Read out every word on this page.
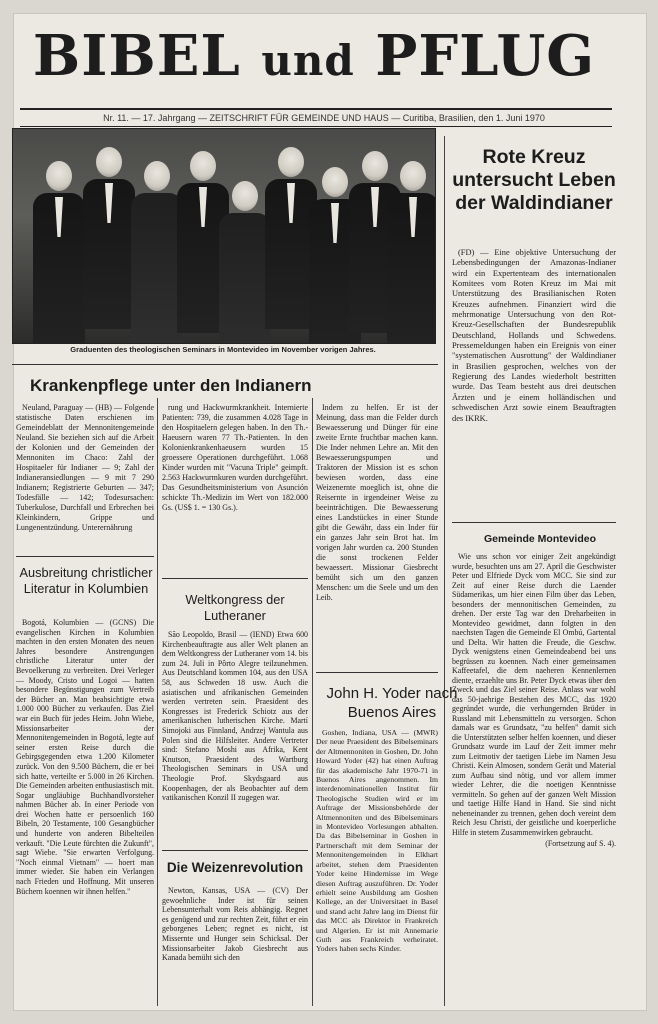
BIBEL und PFLUG
Nr. 11. — 17. Jahrgang — ZEITSCHRIFT FÜR GEMEINDE UND HAUS — Curitiba, Brasilien, den 1. Juni 1970
Graduenten des theologischen Seminars in Montevideo im November vorigen Jahres.
Rote Kreuz untersucht Leben der Waldindianer

(FD) — Eine objektive Untersuchung der Lebensbedingungen der Amazonas-Indianer wird ein Expertenteam des internationalen Komitees vom Roten Kreuz im Mai mit Unterstützung des Brasilianischen Roten Kreuzes aufnehmen. Finanziert wird die mehrmonatige Untersuchung von den Rot-Kreuz-Gesellschaften der Bundesrepublik Deutschland, Hollands und Schwedens. Pressemeldungen haben ein Ereignis von einer "systematischen Ausrottung" der Waldindianer in Brasilien gesprochen, welches von der Regierung des Landes wiederholt bestritten wurde. Das Team besteht aus drei deutschen Ärzten und je einem holländischen und schwedischen Arzt sowie einem Beauftragten des IKRK.

Gemeinde Montevideo

Wie uns schon vor einiger Zeit angekündigt wurde, besuchten uns am 27. April die Geschwister Peter und Elfriede Dyck vom MCC. Sie sind zur Zeit auf einer Reise durch die Laender Südamerikas, um hier einen Film über das Leben, besonders der mennonitischen Gemeinden, zu drehen. Der erste Tag war den Dreharbeiten in Montevideo gewidmet, dann folgten in den naechsten Tagen die Gemeinde El Ombú, Gartental und Delta. Wir hatten die Freude, die Geschw. Dyck wenigstens einen Gemeindeabend bei uns begrüssen zu koennen. Nach einer gemeinsamen Kaffeetafel, die dem naeheren Kennenlernen diente, erzaehlte uns Br. Peter Dyck etwas über den Zweck und das Ziel seiner Reise. Anlass war wohl das 50-jaehrige Bestehen des MCC, das 1920 gegründet wurde, die verhungernden Brüder in Russland mit Lebensmitteln zu versorgen. Schon damals war es Grundsatz, "zu helfen" damit sich die Unterstützten selber helfen koennen, und dieser Grundsatz wurde im Lauf der Zeit immer mehr zum Leitmotiv der taetigen Liebe im Namen Jesu Christi. Kein Almosen, sondern Gerät und Material zum Aufbau sind nötig, und vor allem immer wieder Lehrer, die die noetigen Kenntnisse vermitteln. So gehen auf der ganzen Welt Mission und taetige Hilfe Hand in Hand. Sie sind nicht nebeneinander zu trennen, gehen doch vereint dem Reich Jesu Christi, der geistliche und koerperliche Hilfe in stetem Zusammenwirken gebraucht.

(Fortsetzung auf S. 4).

Krankenpflege unter den Indianern

Neuland, Paraguay — (HB) — Folgende statistische Daten erschienen im Gemeindeblatt der Mennonitengemeinde Neuland. Sie beziehen sich auf die Arbeit der Kolonien und der Gemeinden der Mennoniten im Chaco: Zahl der Hospitaeler für Indianer — 9; Zahl der Indianeransiedlungen — 9 mit 7 290 Indianern; Registrierte Geburten — 347; Todesfälle — 142; Todesursachen: Tuberkulose, Durchfall und Erbrechen bei Kleinkindern, Grippe und Lungenentzündung. Unterernährung

rung und Hackwurmkrankheit. Internierte Patienten: 739, die zusammen 4.028 Tage in den Hospitaelern gelegen haben. In den Th.-Haeusern waren 77 Th.-Patienten. In den Kolonienkrankenhaeusern wurden 15 groessere Operationen durchgeführt. 1.068 Kinder wurden mit "Vacuna Triple" geimpft. 2.563 Hackwurmkuren wurden durchgeführt. Das Gesundheitsministerium von Asunción schickte Th.-Medizin im Wert von 182.000 Gs. (US$ 1. = 130 Gs.).

Indern zu helfen. Er ist der Meinung, dass man die Felder durch Bewaesserung und Dünger für eine zweite Ernte fruchtbar machen kann. Die Inder nehmen Lehre an. Mit den Bewaesserungspumpen und Traktoren der Mission ist es schon bewiesen worden, dass eine Weizenernte moeglich ist, ohne die Reisernte in irgendeiner Weise zu beeinträchtigen. Die Bewaesserung eines Landstückes in einer Stunde gibt die Gewähr, dass ein Inder für ein ganzes Jahr sein Brot hat. Im vorigen Jahr wurden ca. 200 Stunden die sonst trockenen Felder bewaessert. Missionar Giesbrecht bemüht sich um den ganzen Menschen: um die Seele und um den Leib.

Ausbreitung christlicher Literatur in Kolumbien

Bogotá, Kolumbien — (GCNS) Die evangelischen Kirchen in Kolumbien machten in den ersten Monaten des neuen Jahres besondere Anstrengungen christliche Literatur unter der Bevoelkerung zu verbreiten. Drei Verleger — Moody, Cristo und Logoi — hatten besondere Begünstigungen zum Vertreib der Bücher an. Man beabsichtigte etwa 1.000 000 Bücher zu verkaufen. Das Ziel war ein Buch für jedes Heim. John Wiebe, Missionsarbeiter der Mennonitengemeinden in Bogotá, legte auf seiner ersten Reise durch die Gebirgsgegenden etwa 1.200 Kilometer zurück. Von den 9.500 Büchern, die er bei sich hatte, verteilte er 5.000 in 26 Kirchen. Die Gemeinden arbeiten enthusiastisch mit. Sogar ungläubige Buchhandlvorsteher nahmen Bücher ab. In einer Periode von drei Wochen hatte er persoenlich 160 Bibeln, 20 Testamente, 100 Gesangbücher und hunderte von anderen Bibelteilen verkauft. "Die Leute fürchten die Zukunft", sagt Wiebe. "Sie erwarten Verfolgung. "Noch einmal Vietnam" — hoert man immer wieder. Sie haben ein Verlangen nach Frieden und Hoffnung. Mit unseren Büchern koennen wir ihnen helfen."

Weltkongress der Lutheraner

São Leopoldo, Brasil — (IEND) Etwa 600 Kirchenbeauftragte aus aller Welt planen an dem Weltkongress der Lutheraner vom 14. bis zum 24. Juli in Pôrto Alegre teilzunehmen. Aus Deutschland kommen 104, aus den USA 58, aus Schweden 18 usw. Auch die asiatischen und afrikanischen Gemeinden werden vertreten sein. Praesident des Kongresses ist Frederick Schiotz aus der amerikanischen lutherischen Kirche. Martí Simojoki aus Finnland, Andrzej Wantula aus Polen sind die Hilfsleiter. Andere Vertreter sind: Stefano Moshi aus Afrika, Kent Knutson, Praesident des Wartburg Theologischen Seminars in USA und Theologie Prof. Skydsgaard aus Koopenhagen, der als Beobachter auf dem vatikanischen Konzil II zugegen war.

Die Weizenrevolution

Newton, Kansas, USA — (CV) Der gewoehnliche Inder ist für seinen Lebensunterhalt vom Reis abhängig. Regnet es genügend und zur rechten Zeit, führt er ein geborgenes Leben; regnet es nicht, ist Missernte und Hunger sein Schicksal. Der Missionsarbeiter Jakob Giesbrecht aus Kanada bemüht sich den

John H. Yoder nach Buenos Aires

Goshen, Indiana, USA — (MWR) Der neue Praesident des Bibelseminars der Altmennoniten in Goshen, Dr. John Howard Yoder (42) hat einen Auftrag für das akademische Jahr 1970-71 in Buenos Aires angenommen. Im interdenominationellen Institut für Theologische Studien wird er im Auftrage der Missionsbehörde der Altmennoniten und des Bibelseminars in Montevideo Vorlesungen abhalten. Da das Bibelseminar in Goshen in Partnerschaft mit dem Seminar der Mennonitengemeinden in Elkhart arbeitet, stehen dem Praesidenten Yoder keine Hindernisse im Wege diesen Auftrag auszuführen. Dr. Yoder erhielt seine Ausbildung am Goshen Kollege, an der Universitaet in Basel und stand acht Jahre lang im Dienst für das MCC als Direktor in Frankreich und Algerien. Er ist mit Annemarie Guth aus Frankreich verheiratet. Yoders haben sechs Kinder.
